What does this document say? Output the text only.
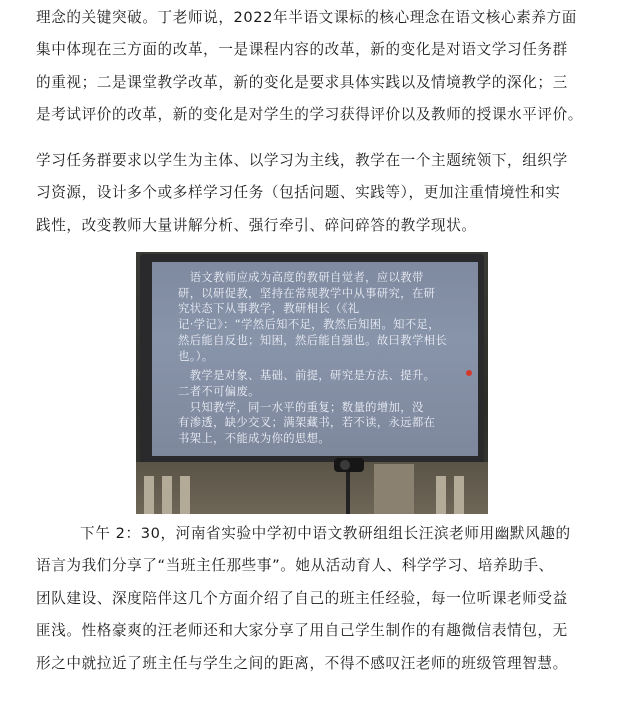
理念的关键突破。丁老师说，2022年半语文课标的核心理念在语文核心素养方面
集中体现在三方面的改革，一是课程内容的改革，新的变化是对语文学习任务群
的重视；二是课堂教学改革，新的变化是要求具体实践以及情境教学的深化；三
是考试评价的改革，新的变化是对学生的学习获得评价以及教师的授课水平评价。
学习任务群要求以学生为主体、以学习为主线，教学在一个主题统领下，组织学
习资源，设计多个或多样学习任务（包括问题、实践等），更加注重情境性和实
践性，改变教师大量讲解分析、强行牵引、碎问碎答的教学现状。
　语文教师应成为高度的教研自觉者，应以教带
研，以研促教，坚持在常规教学中从事研究，在研
究状态下从事教学，教研相长（《礼
记·学记》：“学然后知不足，教然后知困。知不足，
然后能自反也；知困，然后能自强也。故曰教学相长
也。）。
　教学是对象、基础、前提，研究是方法、提升。
二者不可偏废。
　只知教学，同一水平的重复；数量的增加，没
有渗透，缺少交叉；满架藏书，若不读，永远都在
书架上，不能成为你的思想。
下午 2：30，河南省实验中学初中语文教研组组长汪滨老师用幽默风趣的
语言为我们分享了“当班主任那些事”。她从活动育人、科学学习、培养助手、
团队建设、深度陪伴这几个方面介绍了自己的班主任经验，每一位听课老师受益
匪浅。性格豪爽的汪老师还和大家分享了用自己学生制作的有趣微信表情包，无
形之中就拉近了班主任与学生之间的距离，不得不感叹汪老师的班级管理智慧。
